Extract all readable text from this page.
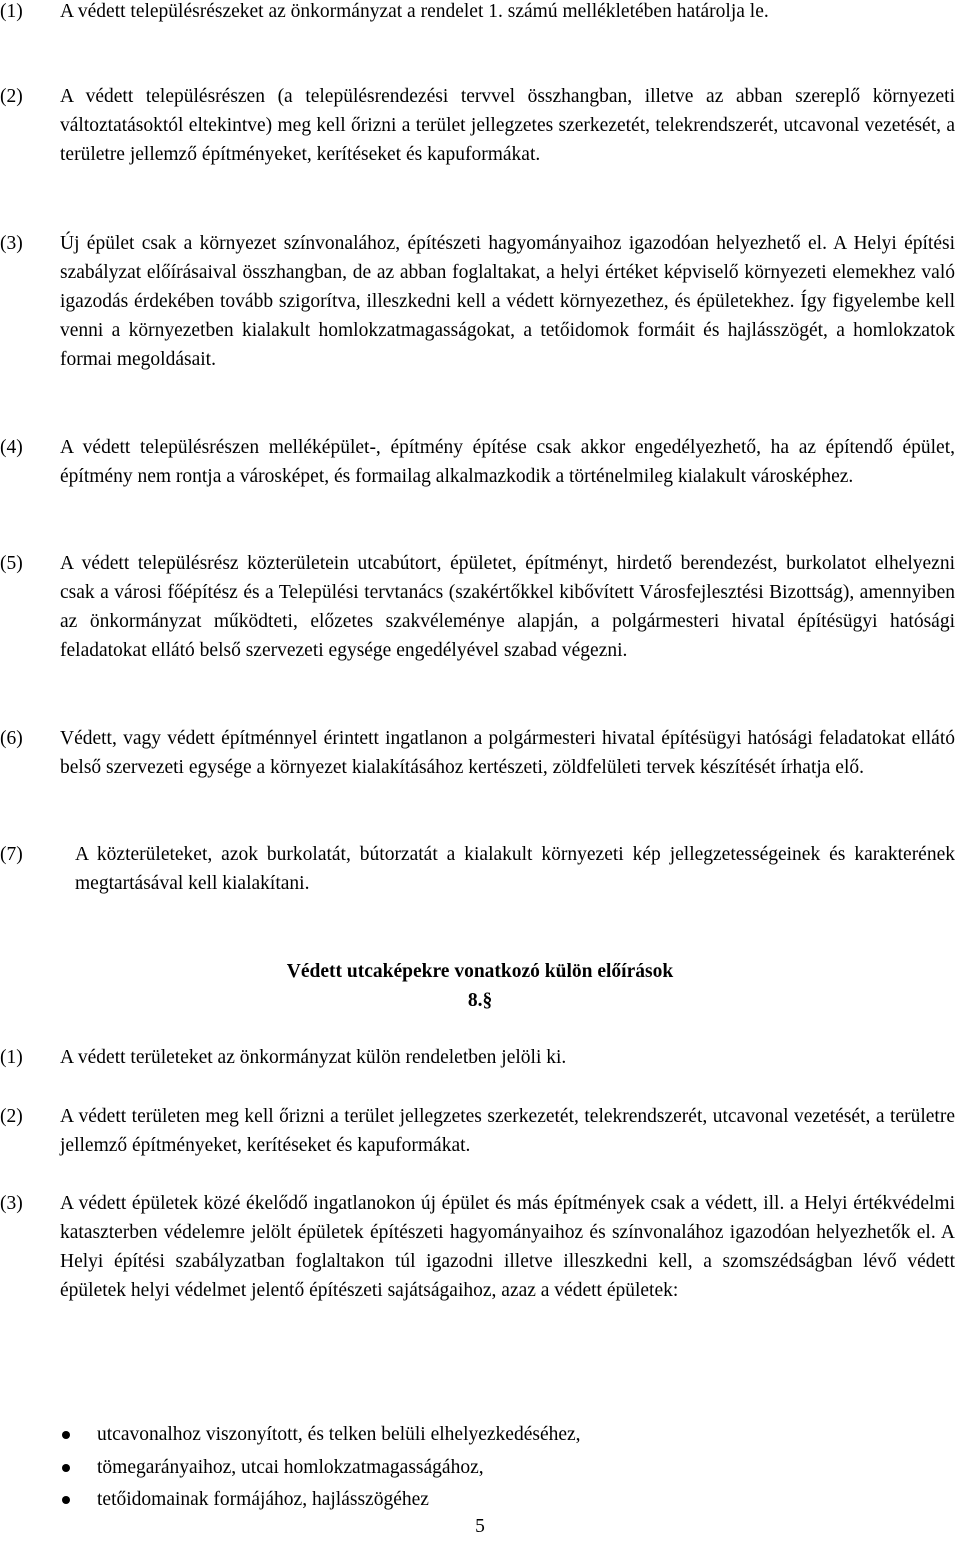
(1) A védett településrészeket az önkormányzat a rendelet 1. számú mellékletében határolja le.
(2) A védett településrészen (a településrendezési tervvel összhangban, illetve az abban szereplő környezeti változtatásoktól eltekintve) meg kell őrizni a terület jellegzetes szerkezetét, telekrendszerét, utcavonal vezetését, a területre jellemző építményeket, kerítéseket és kapuformákat.
(3) Új épület csak a környezet színvonalához, építészeti hagyományaihoz igazodóan helyezhető el. A Helyi építési szabályzat előírásaival összhangban, de az abban foglaltakat, a helyi értéket képviselő környezeti elemekhez való igazodás érdekében tovább szigorítva, illeszkedni kell a védett környezethez, és épületekhez. Így figyelembe kell venni a környezetben kialakult homlokzatmagasságokat, a tetőidomok formáit és hajlásszögét, a homlokzatok formai megoldásait.
(4) A védett településrészen melléképület-, építmény építése csak akkor engedélyezhető, ha az építendő épület, építmény nem rontja a városképet, és formailag alkalmazkodik a történelmileg kialakult városképhez.
(5) A védett településrész közterületein utcabútort, épületet, építményt, hirdető berendezést, burkolatot elhelyezni csak a városi főépítész és a Települési tervtanács (szakértőkkel kibővített Városfejlesztési Bizottság), amennyiben az önkormányzat működteti, előzetes szakvéleménye alapján, a polgármesteri hivatal építésügyi hatósági feladatokat ellátó belső szervezeti egysége engedélyével szabad végezni.
(6) Védett, vagy védett építménnyel érintett ingatlanon a polgármesteri hivatal építésügyi hatósági feladatokat ellátó belső szervezeti egysége a környezet kialakításához kertészeti, zöldfelületi tervek készítését írhatja elő.
(7)	A közterületeket, azok burkolatát, bútorzatát a kialakult környezeti kép jellegzetességeinek és karakterének megtartásával kell kialakítani.
Védett utcaképekre vonatkozó külön előírások
8.§
(1) A védett területeket az önkormányzat külön rendeletben jelöli ki.
(2) A védett területen meg kell őrizni a terület jellegzetes szerkezetét, telekrendszerét, utcavonal vezetését, a területre jellemző építményeket, kerítéseket és kapuformákat.
(3) A védett épületek közé ékelődő ingatlanokon új épület és más építmények csak a védett, ill. a Helyi értékvédelmi kataszterben védelemre jelölt épületek építészeti hagyományaihoz és színvonalához igazodóan helyezhetők el. A Helyi építési szabályzatban foglaltakon túl igazodni illetve illeszkedni kell, a szomszédságban lévő védett épületek helyi védelmet jelentő építészeti sajátságaihoz, azaz a védett épületek:
utcavonalhoz viszonyított, és telken belüli elhelyezkedéséhez,
tömegarányaihoz, utcai homlokzatmagasságához,
tetőidomainak formájához, hajlásszögéhez
5
